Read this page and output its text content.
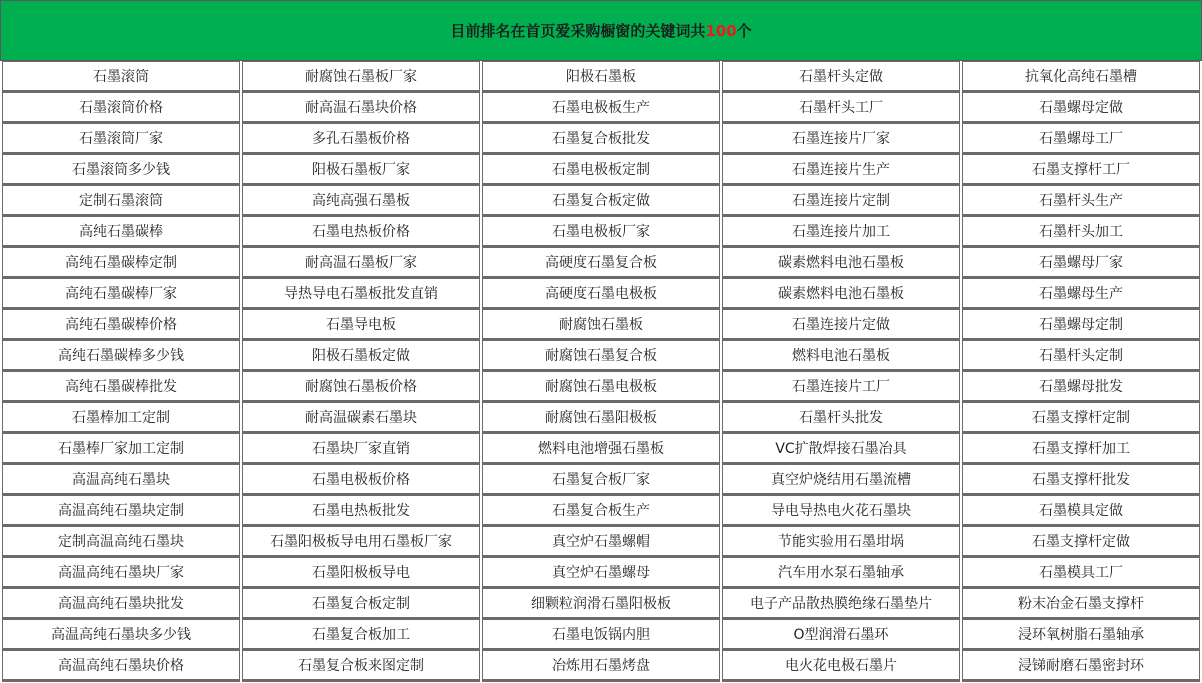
目前排名在首页爱采购橱窗的关键词共 100 个
石墨滚筒	耐腐蚀石墨板厂家	阳极石墨板	石墨杆头定做	抗氧化高纯石墨槽
石墨滚筒价格	耐高温石墨块价格	石墨电极板生产	石墨杆头工厂	石墨螺母定做
石墨滚筒厂家	多孔石墨板价格	石墨复合板批发	石墨连接片厂家	石墨螺母工厂
石墨滚筒多少钱	阳极石墨板厂家	石墨电极板定制	石墨连接片生产	石墨支撑杆工厂
定制石墨滚筒	高纯高强石墨板	石墨复合板定做	石墨连接片定制	石墨杆头生产
高纯石墨碳棒	石墨电热板价格	石墨电极板厂家	石墨连接片加工	石墨杆头加工
高纯石墨碳棒定制	耐高温石墨板厂家	高硬度石墨复合板	碳素燃料电池石墨板	石墨螺母厂家
高纯石墨碳棒厂家	导热导电石墨板批发直销	高硬度石墨电极板	碳素燃料电池石墨板	石墨螺母生产
高纯石墨碳棒价格	石墨导电板	耐腐蚀石墨板	石墨连接片定做	石墨螺母定制
高纯石墨碳棒多少钱	阳极石墨板定做	耐腐蚀石墨复合板	燃料电池石墨板	石墨杆头定制
高纯石墨碳棒批发	耐腐蚀石墨板价格	耐腐蚀石墨电极板	石墨连接片工厂	石墨螺母批发
石墨棒加工定制	耐高温碳素石墨块	耐腐蚀石墨阳极板	石墨杆头批发	石墨支撑杆定制
石墨棒厂家加工定制	石墨块厂家直销	燃料电池增强石墨板	VC扩散焊接石墨冶具	石墨支撑杆加工
高温高纯石墨块	石墨电极板价格	石墨复合板厂家	真空炉烧结用石墨流槽	石墨支撑杆批发
高温高纯石墨块定制	石墨电热板批发	石墨复合板生产	导电导热电火花石墨块	石墨模具定做
定制高温高纯石墨块	石墨阳极板导电用石墨板厂家	真空炉石墨螺帽	节能实验用石墨坩埚	石墨支撑杆定做
高温高纯石墨块厂家	石墨阳极板导电	真空炉石墨螺母	汽车用水泵石墨轴承	石墨模具工厂
高温高纯石墨块批发	石墨复合板定制	细颗粒润滑石墨阳极板	电子产品散热膜绝缘石墨垫片	粉末冶金石墨支撑杆
高温高纯石墨块多少钱	石墨复合板加工	石墨电饭锅内胆	O型润滑石墨环	浸环氧树脂石墨轴承
高温高纯石墨块价格	石墨复合板来图定制	冶炼用石墨烤盘	电火花电极石墨片	浸锑耐磨石墨密封环
